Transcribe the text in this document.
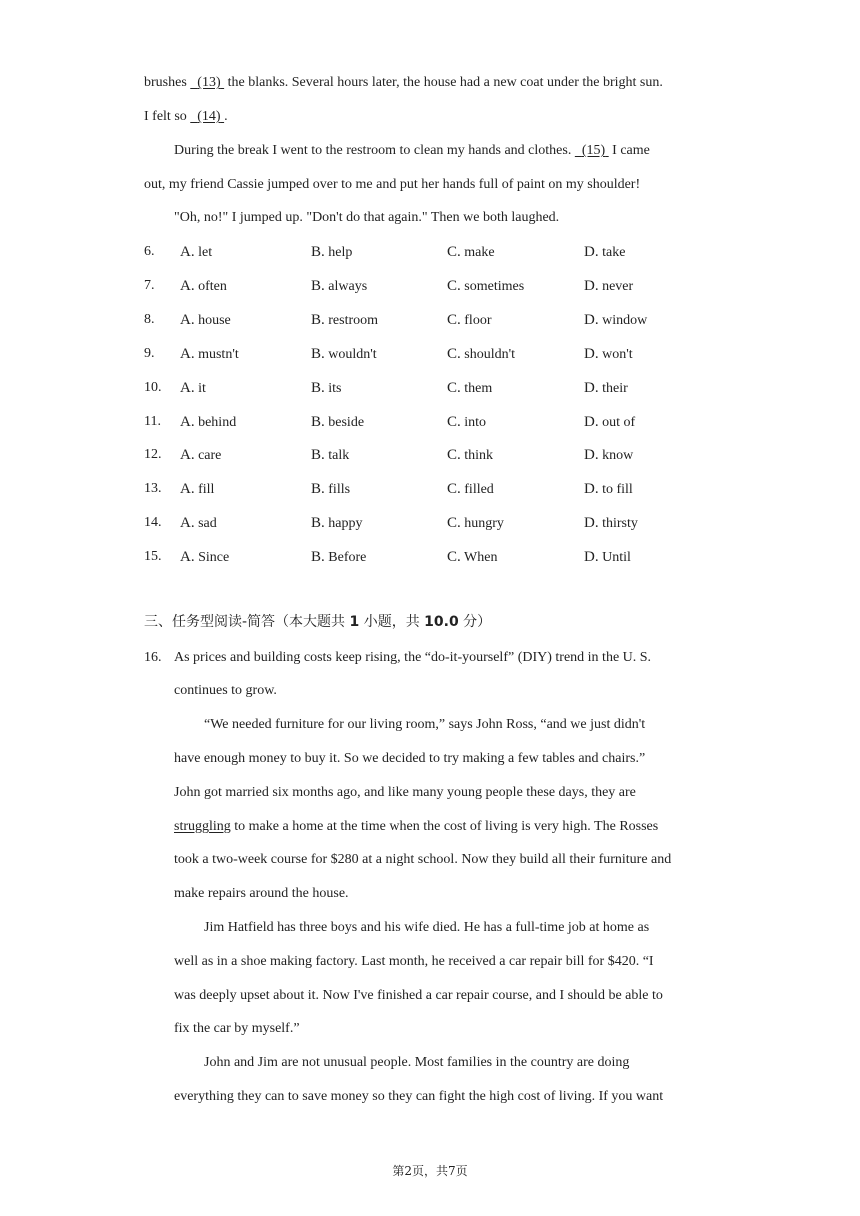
brushes (13) the blanks. Several hours later, the house had a new coat under the bright sun.
I felt so (14) .
During the break I went to the restroom to clean my hands and clothes. (15) I came
out, my friend Cassie jumped over to me and put her hands full of paint on my shoulder!
"Oh, no!" I jumped up. "Don't do that again." Then we both laughed.
6. A. let	B. help	C. make	D. take
7. A. often	B. always	C. sometimes	D. never
8. A. house	B. restroom	C. floor	D. window
9. A. mustn't	B. wouldn't	C. shouldn't	D. won't
10. A. it	B. its	C. them	D. their
11. A. behind	B. beside	C. into	D. out of
12. A. care	B. talk	C. think	D. know
13. A. fill	B. fills	C. filled	D. to fill
14. A. sad	B. happy	C. hungry	D. thirsty
15. A. Since	B. Before	C. When	D. Until
三、任务型阅读-简答（本大题共 1 小题，共 10.0 分）
16. As prices and building costs keep rising, the “do-it-yourself” (DIY) trend in the U. S.
continues to grow.
“We needed furniture for our living room,” says John Ross, “and we just didn't
have enough money to buy it. So we decided to try making a few tables and chairs.”
John got married six months ago, and like many young people these days, they are
struggling to make a home at the time when the cost of living is very high. The Rosses
took a two-week course for $280 at a night school. Now they build all their furniture and
make repairs around the house.
Jim Hatfield has three boys and his wife died. He has a full-time job at home as
well as in a shoe making factory. Last month, he received a car repair bill for $420. “I
was deeply upset about it. Now I've finished a car repair course, and I should be able to
fix the car by myself.”
John and Jim are not unusual people. Most families in the country are doing
everything they can to save money so they can fight the high cost of living. If you want
第2页，共7页
